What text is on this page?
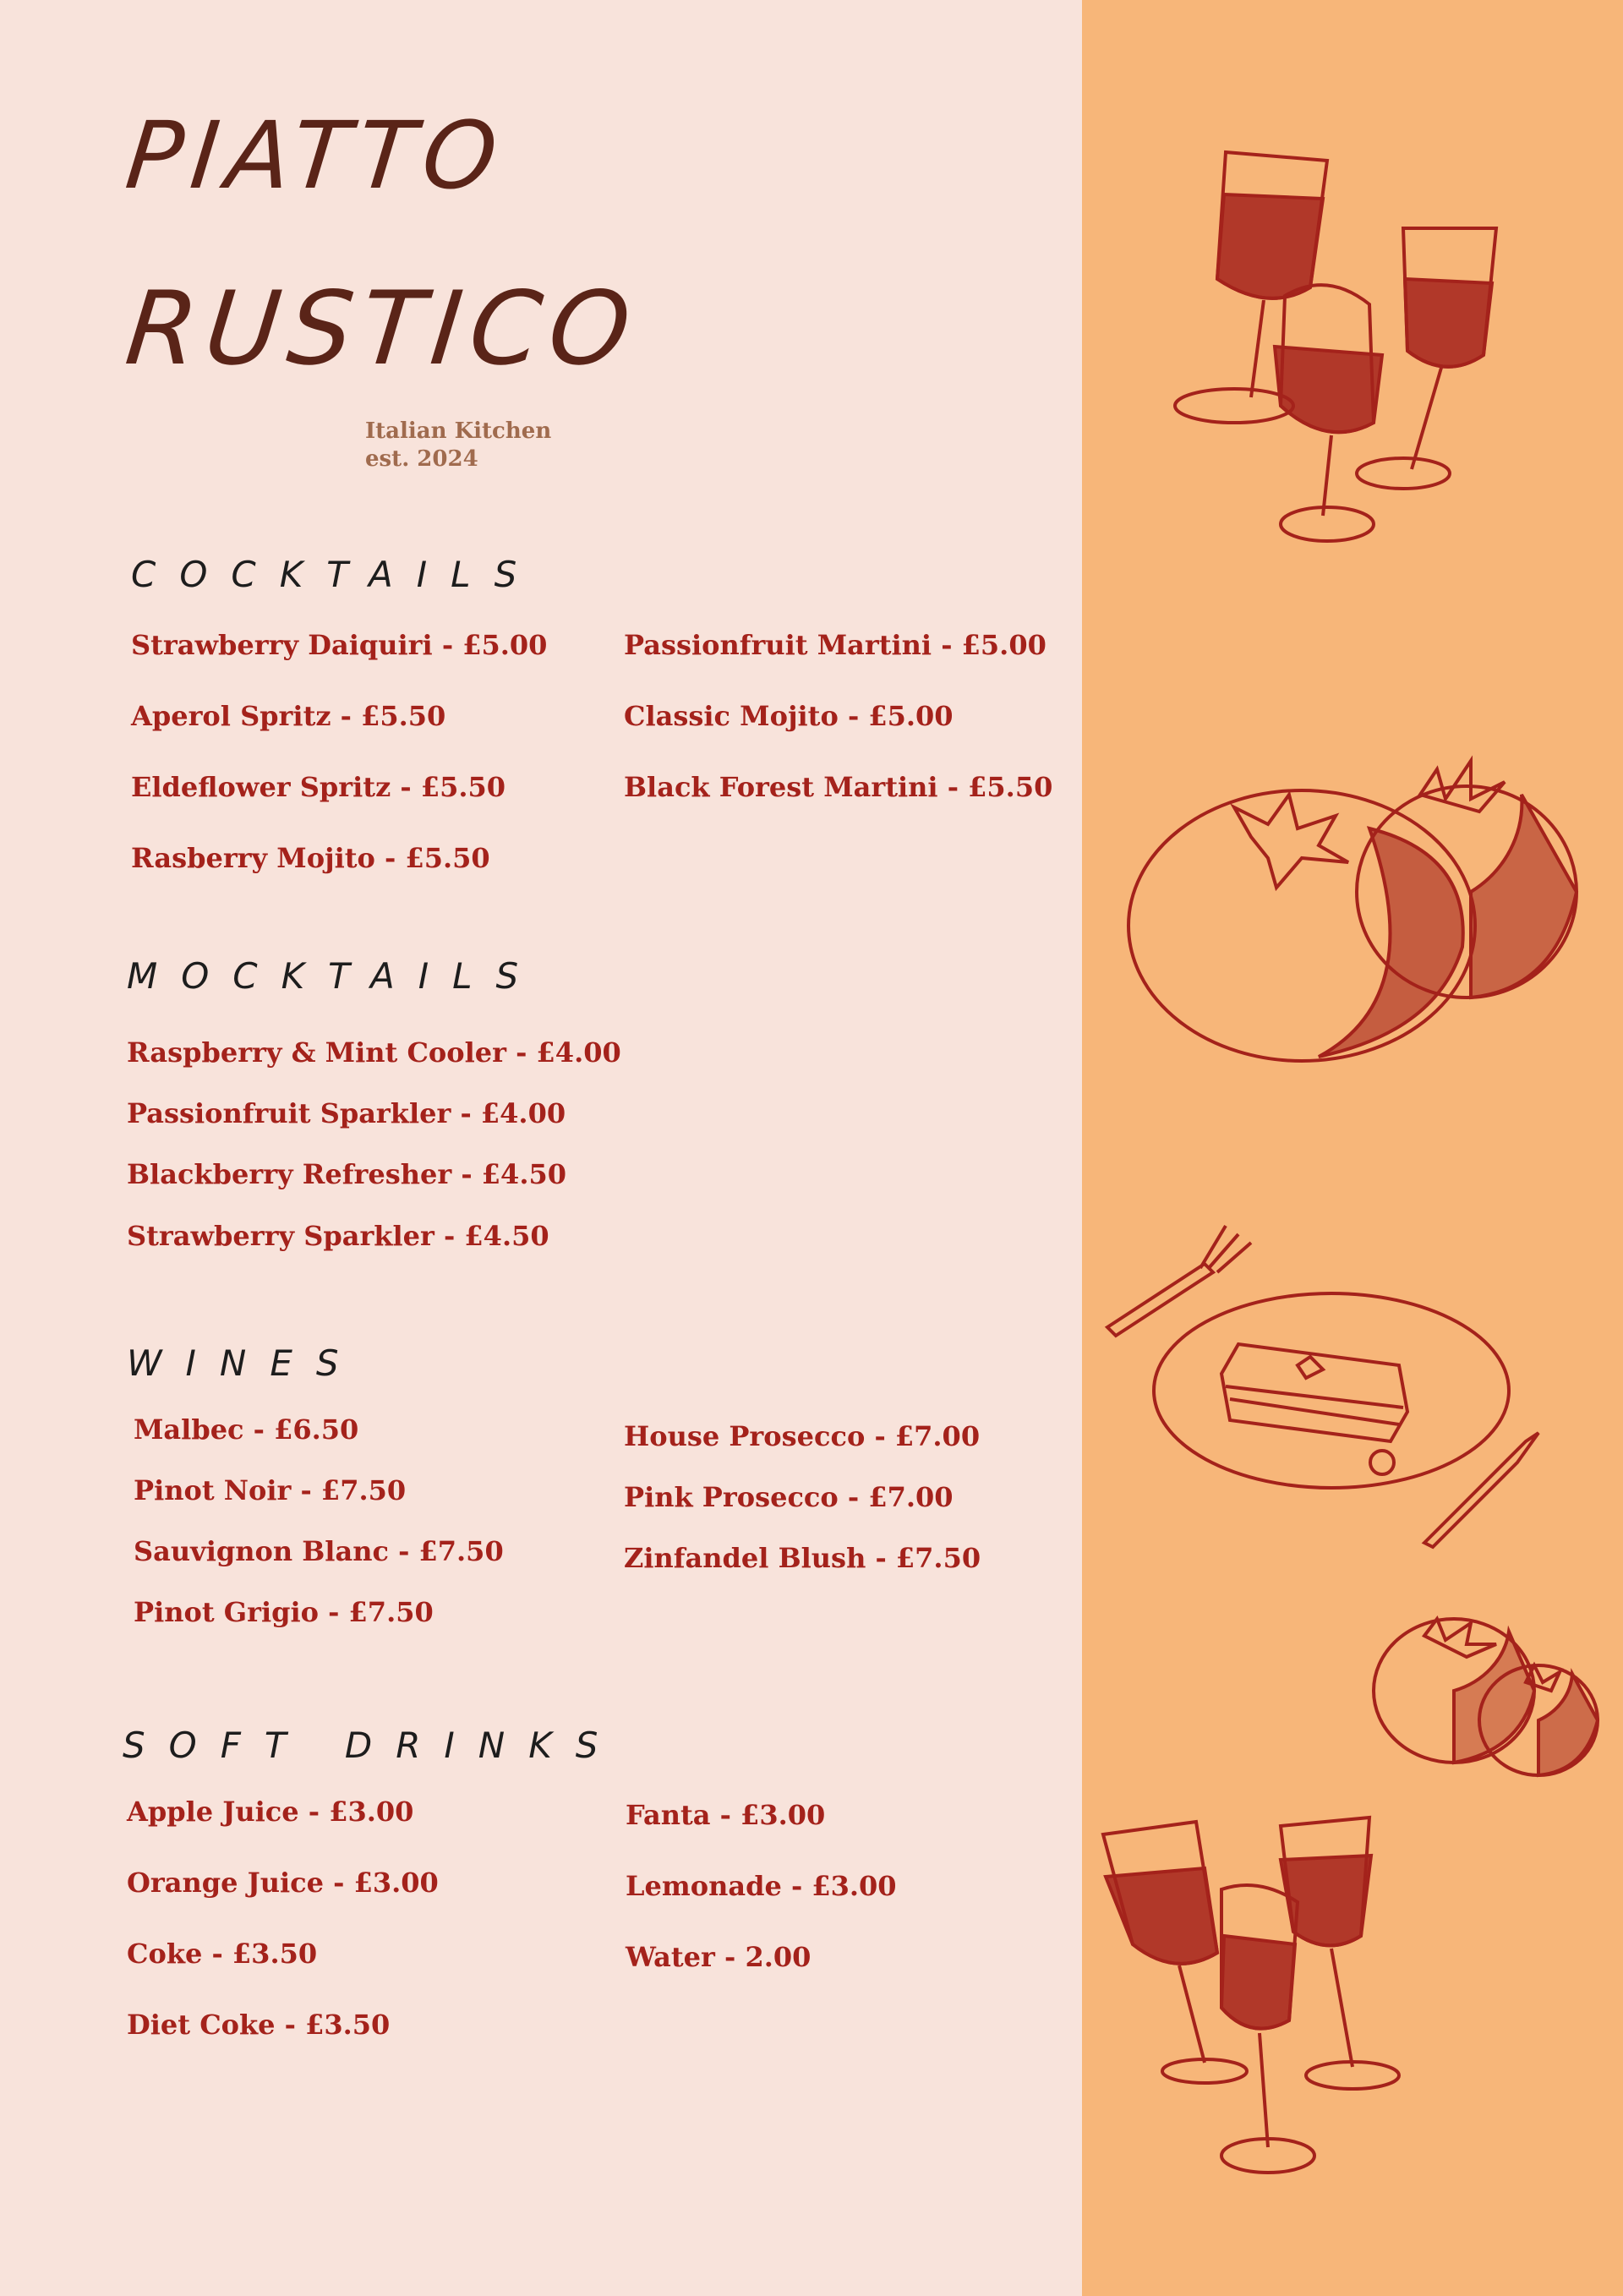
PIATTO
RUSTICO
Italian Kitchen
est. 2024
COCKTAILS
Strawberry Daiquiri - £5.00
Aperol Spritz - £5.50
Eldeflower Spritz - £5.50
Rasberry Mojito - £5.50
Passionfruit Martini - £5.00
Classic Mojito - £5.00
Black Forest Martini - £5.50
MOCKTAILS
Raspberry & Mint Cooler - £4.00
Passionfruit Sparkler - £4.00
Blackberry Refresher - £4.50
Strawberry Sparkler - £4.50
WINES
Malbec - £6.50
Pinot Noir - £7.50
Sauvignon Blanc - £7.50
Pinot Grigio - £7.50
House Prosecco - £7.00
Pink Prosecco - £7.00
Zinfandel Blush - £7.50
SOFT DRINKS
Apple Juice - £3.00
Orange Juice - £3.00
Coke - £3.50
Diet Coke - £3.50
Fanta - £3.00
Lemonade - £3.00
Water - 2.00
